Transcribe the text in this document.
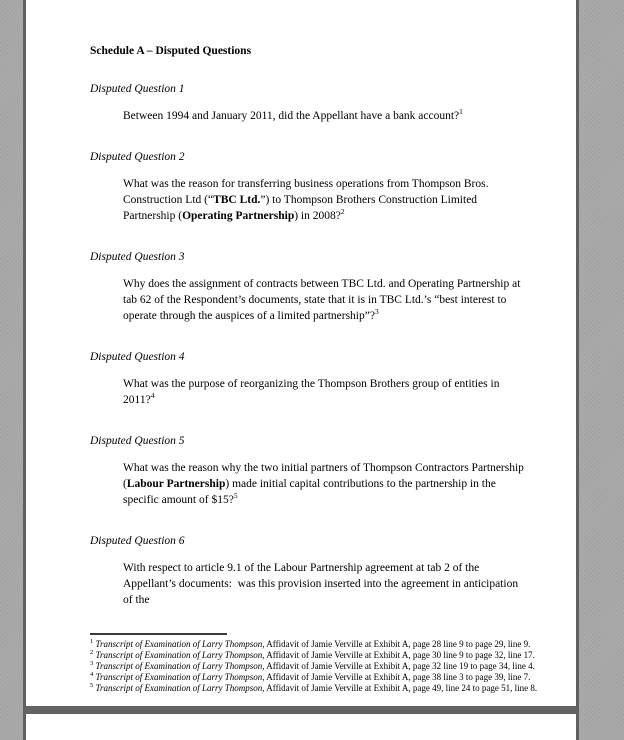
Schedule A – Disputed Questions
Disputed Question 1

Between 1994 and January 2011, did the Appellant have a bank account?$^1$

Disputed Question 2

What was the reason for transferring business operations from Thompson Bros. Construction Ltd (“TBC Ltd.”) to Thompson Brothers Construction Limited Partnership (Operating Partnership) in 2008?$^2$

Disputed Question 3

Why does the assignment of contracts between TBC Ltd. and Operating Partnership at tab 62 of the Respondent’s documents, state that it is in TBC Ltd.’s “best interest to operate through the auspices of a limited partnership”?$^3$

Disputed Question 4

What was the purpose of reorganizing the Thompson Brothers group of entities in 2011?$^4$

Disputed Question 5

What was the reason why the two initial partners of Thompson Contractors Partnership (Labour Partnership) made initial capital contributions to the partnership in the specific amount of $15?$^5$

Disputed Question 6

With respect to article 9.1 of the Labour Partnership agreement at tab 2 of the Appellant’s documents:  was this provision inserted into the agreement in anticipation of the

$^1$ Transcript of Examination of Larry Thompson, Affidavit of Jamie Verville at Exhibit A, page 28 line 9 to page 29, line 9.

$^2$ Transcript of Examination of Larry Thompson, Affidavit of Jamie Verville at Exhibit A, page 30 line 9 to page 32, line 17.

$^3$ Transcript of Examination of Larry Thompson, Affidavit of Jamie Verville at Exhibit A, page 32 line 19 to page 34, line 4.

$^4$ Transcript of Examination of Larry Thompson, Affidavit of Jamie Verville at Exhibit A, page 38 line 3 to page 39, line 7.

$^5$ Transcript of Examination of Larry Thompson, Affidavit of Jamie Verville at Exhibit A, page 49, line 24 to page 51, line 8.
